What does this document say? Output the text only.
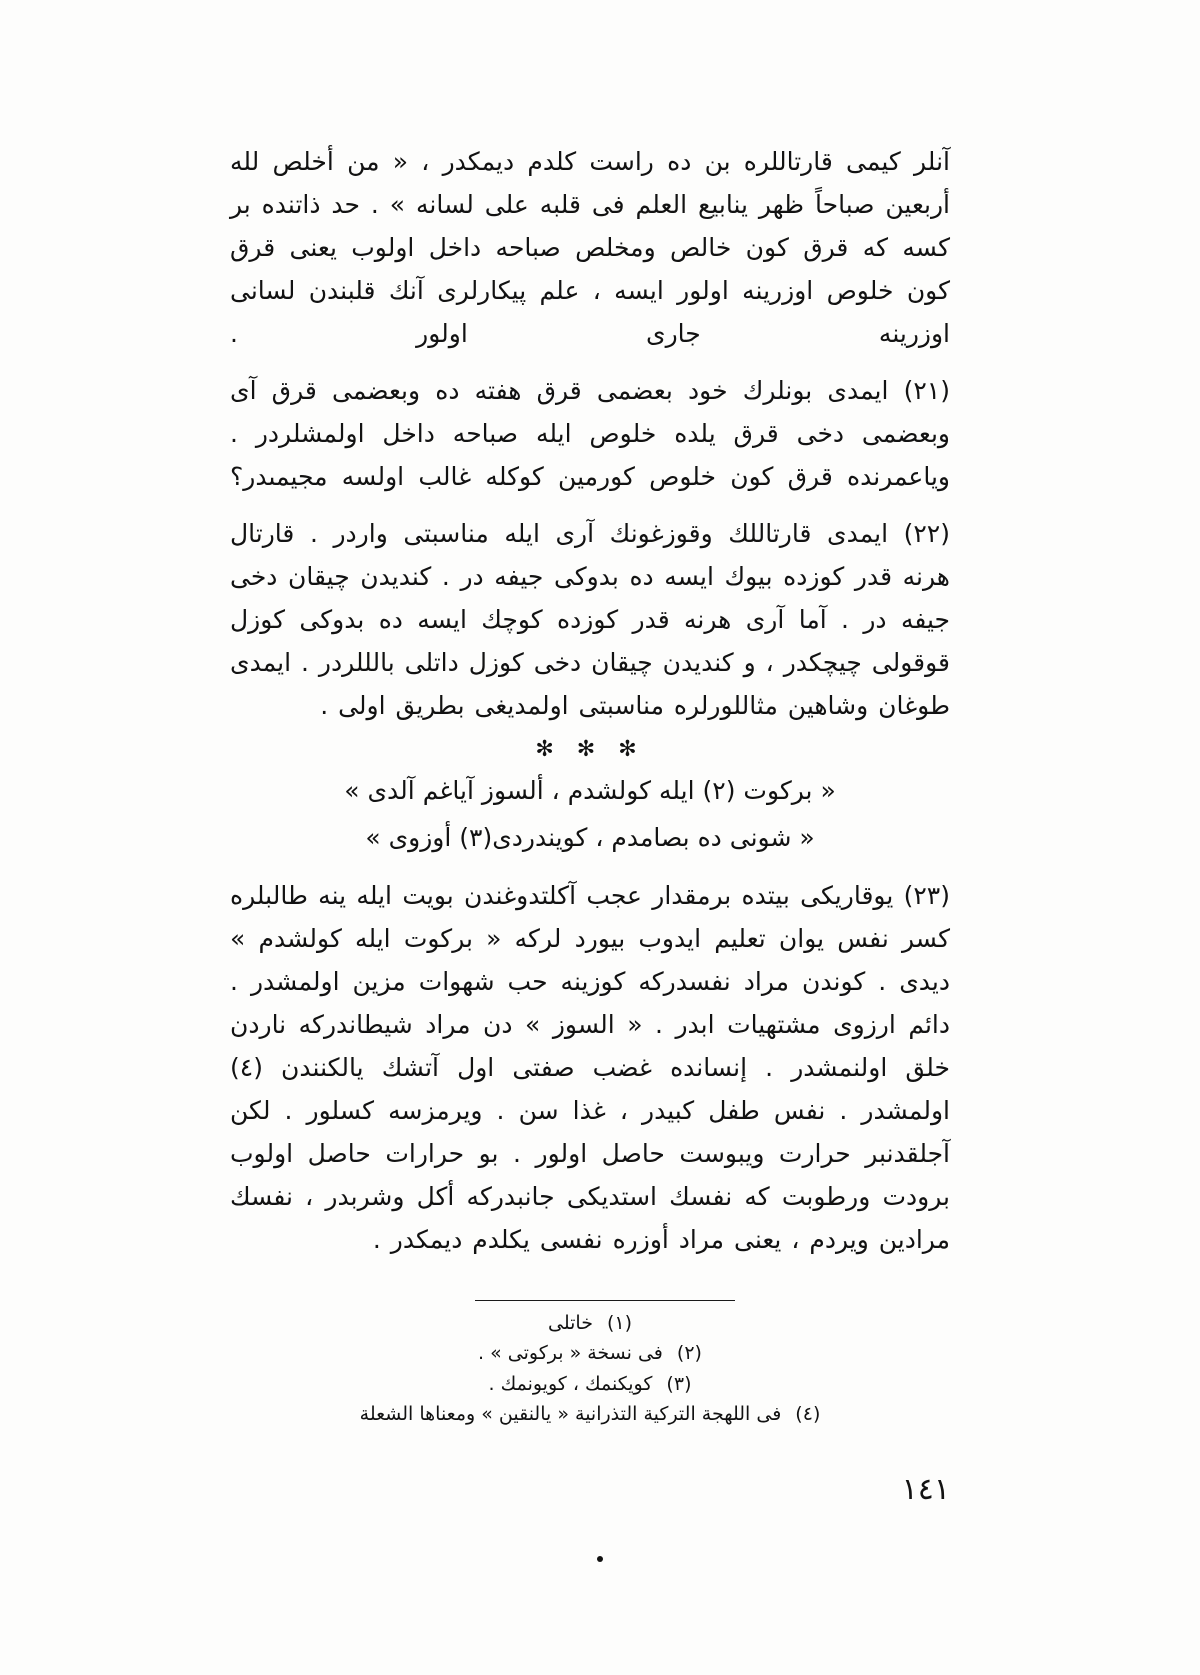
آنلر كيمى قارتاللره بن ده راست كلدم ديمكدر ، « من أخلص لله أربعين صباحاً ظهر ينابيع العلم فى قلبه على لسانه » . حد ذاتنده بر كسه كه قرق كون خالص ومخلص صباحه داخل اولوب يعنى قرق كون خلوص اوزرينه اولور ايسه ، علم پيكارلرى آنك قلبندن لسانى اوزرينه جارى اولور .

(٢١) ايمدى بونلرك خود بعضمى قرق هفته ده وبعضمى قرق آى وبعضمى دخى قرق يلده خلوص ايله صباحه داخل اولمشلردر . وياعمرنده قرق كون خلوص كورمين كوكله غالب اولسه مجيمىدر؟

(٢٢) ايمدى قارتاللك وقوزغونك آرى ايله مناسبتى واردر . قارتال هرنه قدر كوزده بيوك ايسه ده بدوكى جيفه در . كنديدن چيقان دخى جيفه در . آما آرى هرنه قدر كوزده كوچك ايسه ده بدوكى كوزل قوقولى چيچكدر ، و كنديدن چيقان دخى كوزل داتلى بالللردر . ايمدى طوغان وشاهين مثاللورلره مناسبتى اولمديغى بطريق اولى .

✻ ✻ ✻
« بركوت (٢) ايله كولشدم ، ألسوز آياغم آلدى »
« شونى ده بصامدم ، كويندردى(٣) أوزوى »

(٢٣) يوقاريكى بيتده برمقدار عجب آكلتدوغندن بويت ايله ينه طالبلره كسر نفس يوان تعليم ايدوب بيورد لركه « بركوت ايله كولشدم » ديدى . كوندن مراد نفسدركه كوزينه حب شهوات مزين اولمشدر . دائم ارزوى مشتهيات ابدر . « السوز » دن مراد شيطاندركه ناردن خلق اولنمشدر . إنسانده غضب صفتى اول آتشك يالكنندن (٤) اولمشدر . نفس طفل كبيدر ، غذا سن . ويرمزسه كسلور . لكن آجلقدنبر حرارت ويبوست حاصل اولور . بو حرارات حاصل اولوب برودت ورطوبت كه نفسك استديكى جانبدركه أكل وشربدر ، نفسك مرادين ويردم ، يعنى مراد أوزره نفسى يكلدم ديمكدر .

(١)خاتلى

(٢)فى نسخة « بركوتى » .

(٣)كويكنمك ، كويونمك .

(٤)فى اللهجة التركية التذرانية « يالنقين » ومعناها الشعلة

١٤١
